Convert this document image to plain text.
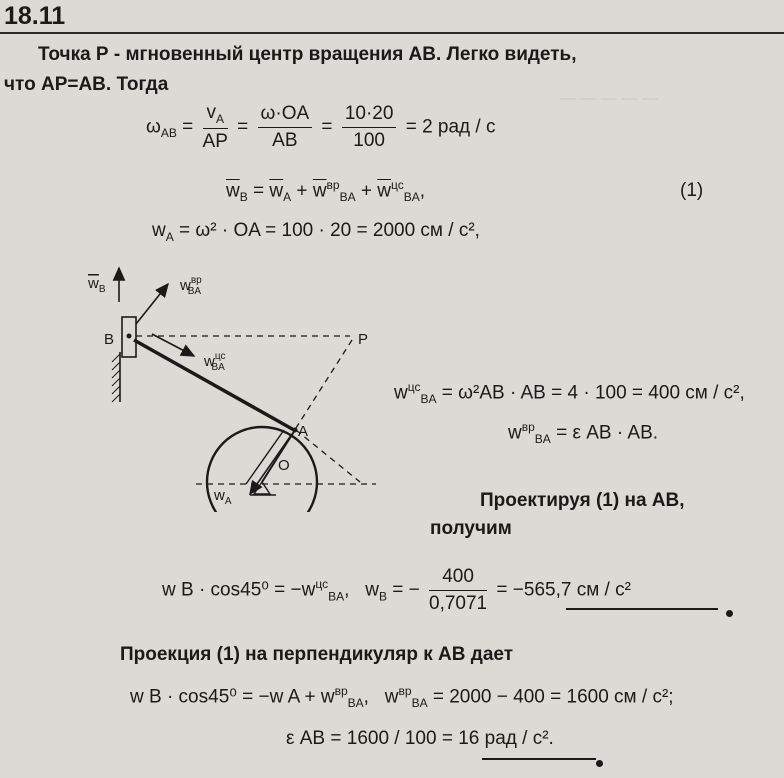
— — — — —
18.11
Точка Р - мгновенный центр вращения АВ. Легко видеть,
что АР=АВ. Тогда
$\omega_{AB} = \frac{v_A}{AP} = \frac{\omega\cdot OA}{AB} = \frac{10\cdot 20}{100} = 2$ рад / с
$\overline{w}_B = \overline{w}_A + \overline{w}^{вр}_{BA} + \overline{w}^{цс}_{BA}$,	(1)
$w_A = \omega^2$ · OA = 100 · 20 = 2000 см / с²,
$w_B$	$w^{вр}$ BA
B	P
$w^{цс}$ BA
A
O
$w_A$
$w^{цс}_{BA} = \omega^2AB$ · AB = 4 · 100 = 400 см / с²,
$w^{вр}_{BA} = \varepsilon$ AB · AB.
Проектируя (1) на АВ,
получим
w $B \cdot \cos 45^0 = -w^{цс}_{BA}$,   $w_B$ = − $\frac{400}{0,7071} = -565,7$ см / с²
Проекция (1) на перпендикуляр к АВ дает
w B · cos45⁰ = −w $A + w^{вр}_{BA}$,   $w^{вр}_{BA} = 2000 - 400 = 1600$ см / с²;
ε AB = 1600 / 100 = 16 рад / с².
